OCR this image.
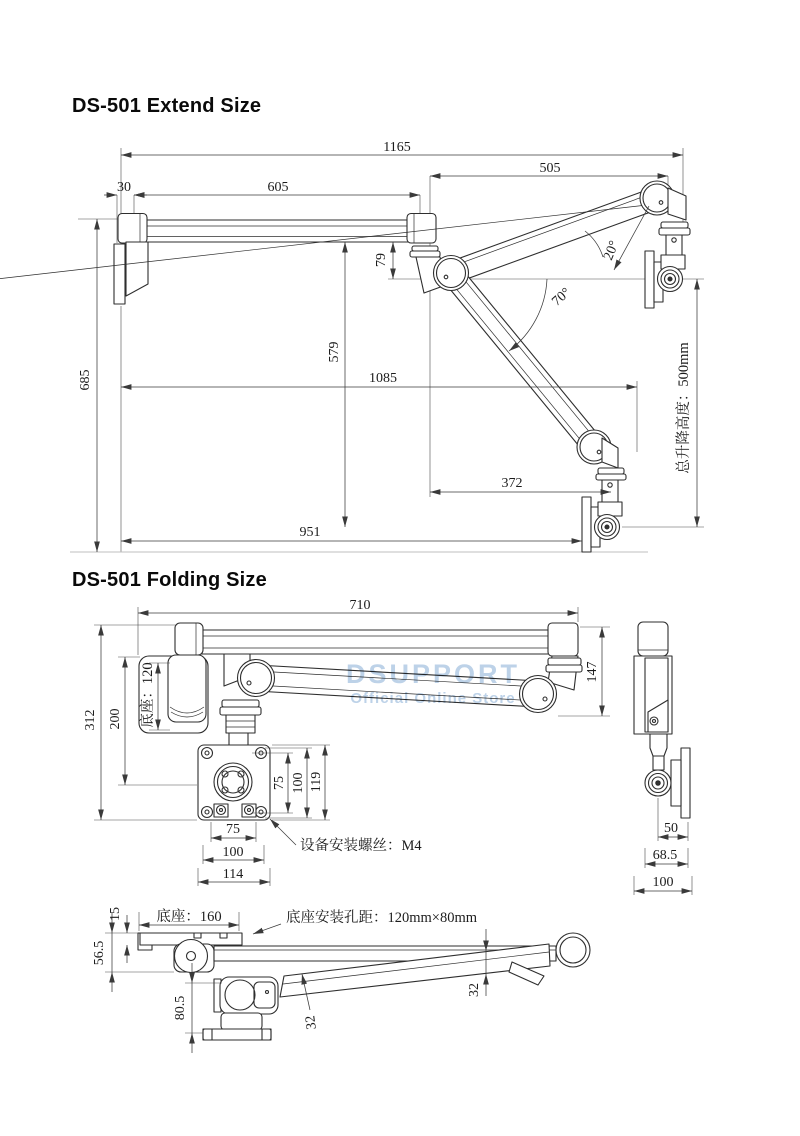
DS-501 Extend Size
DS-501 Folding Size
1165
505
30	605
79
579
685	1085
372
951
20°
70°
总升降高度：500mm
710
312 200 底座：120	147
75 100 119
75
100
114
设备安装螺丝：M4
50
68.5
100
15 底座：160	底座安装孔距：120mm×80mm
56.5
80.5
32
32
DSUPPORT
Official Online Store
